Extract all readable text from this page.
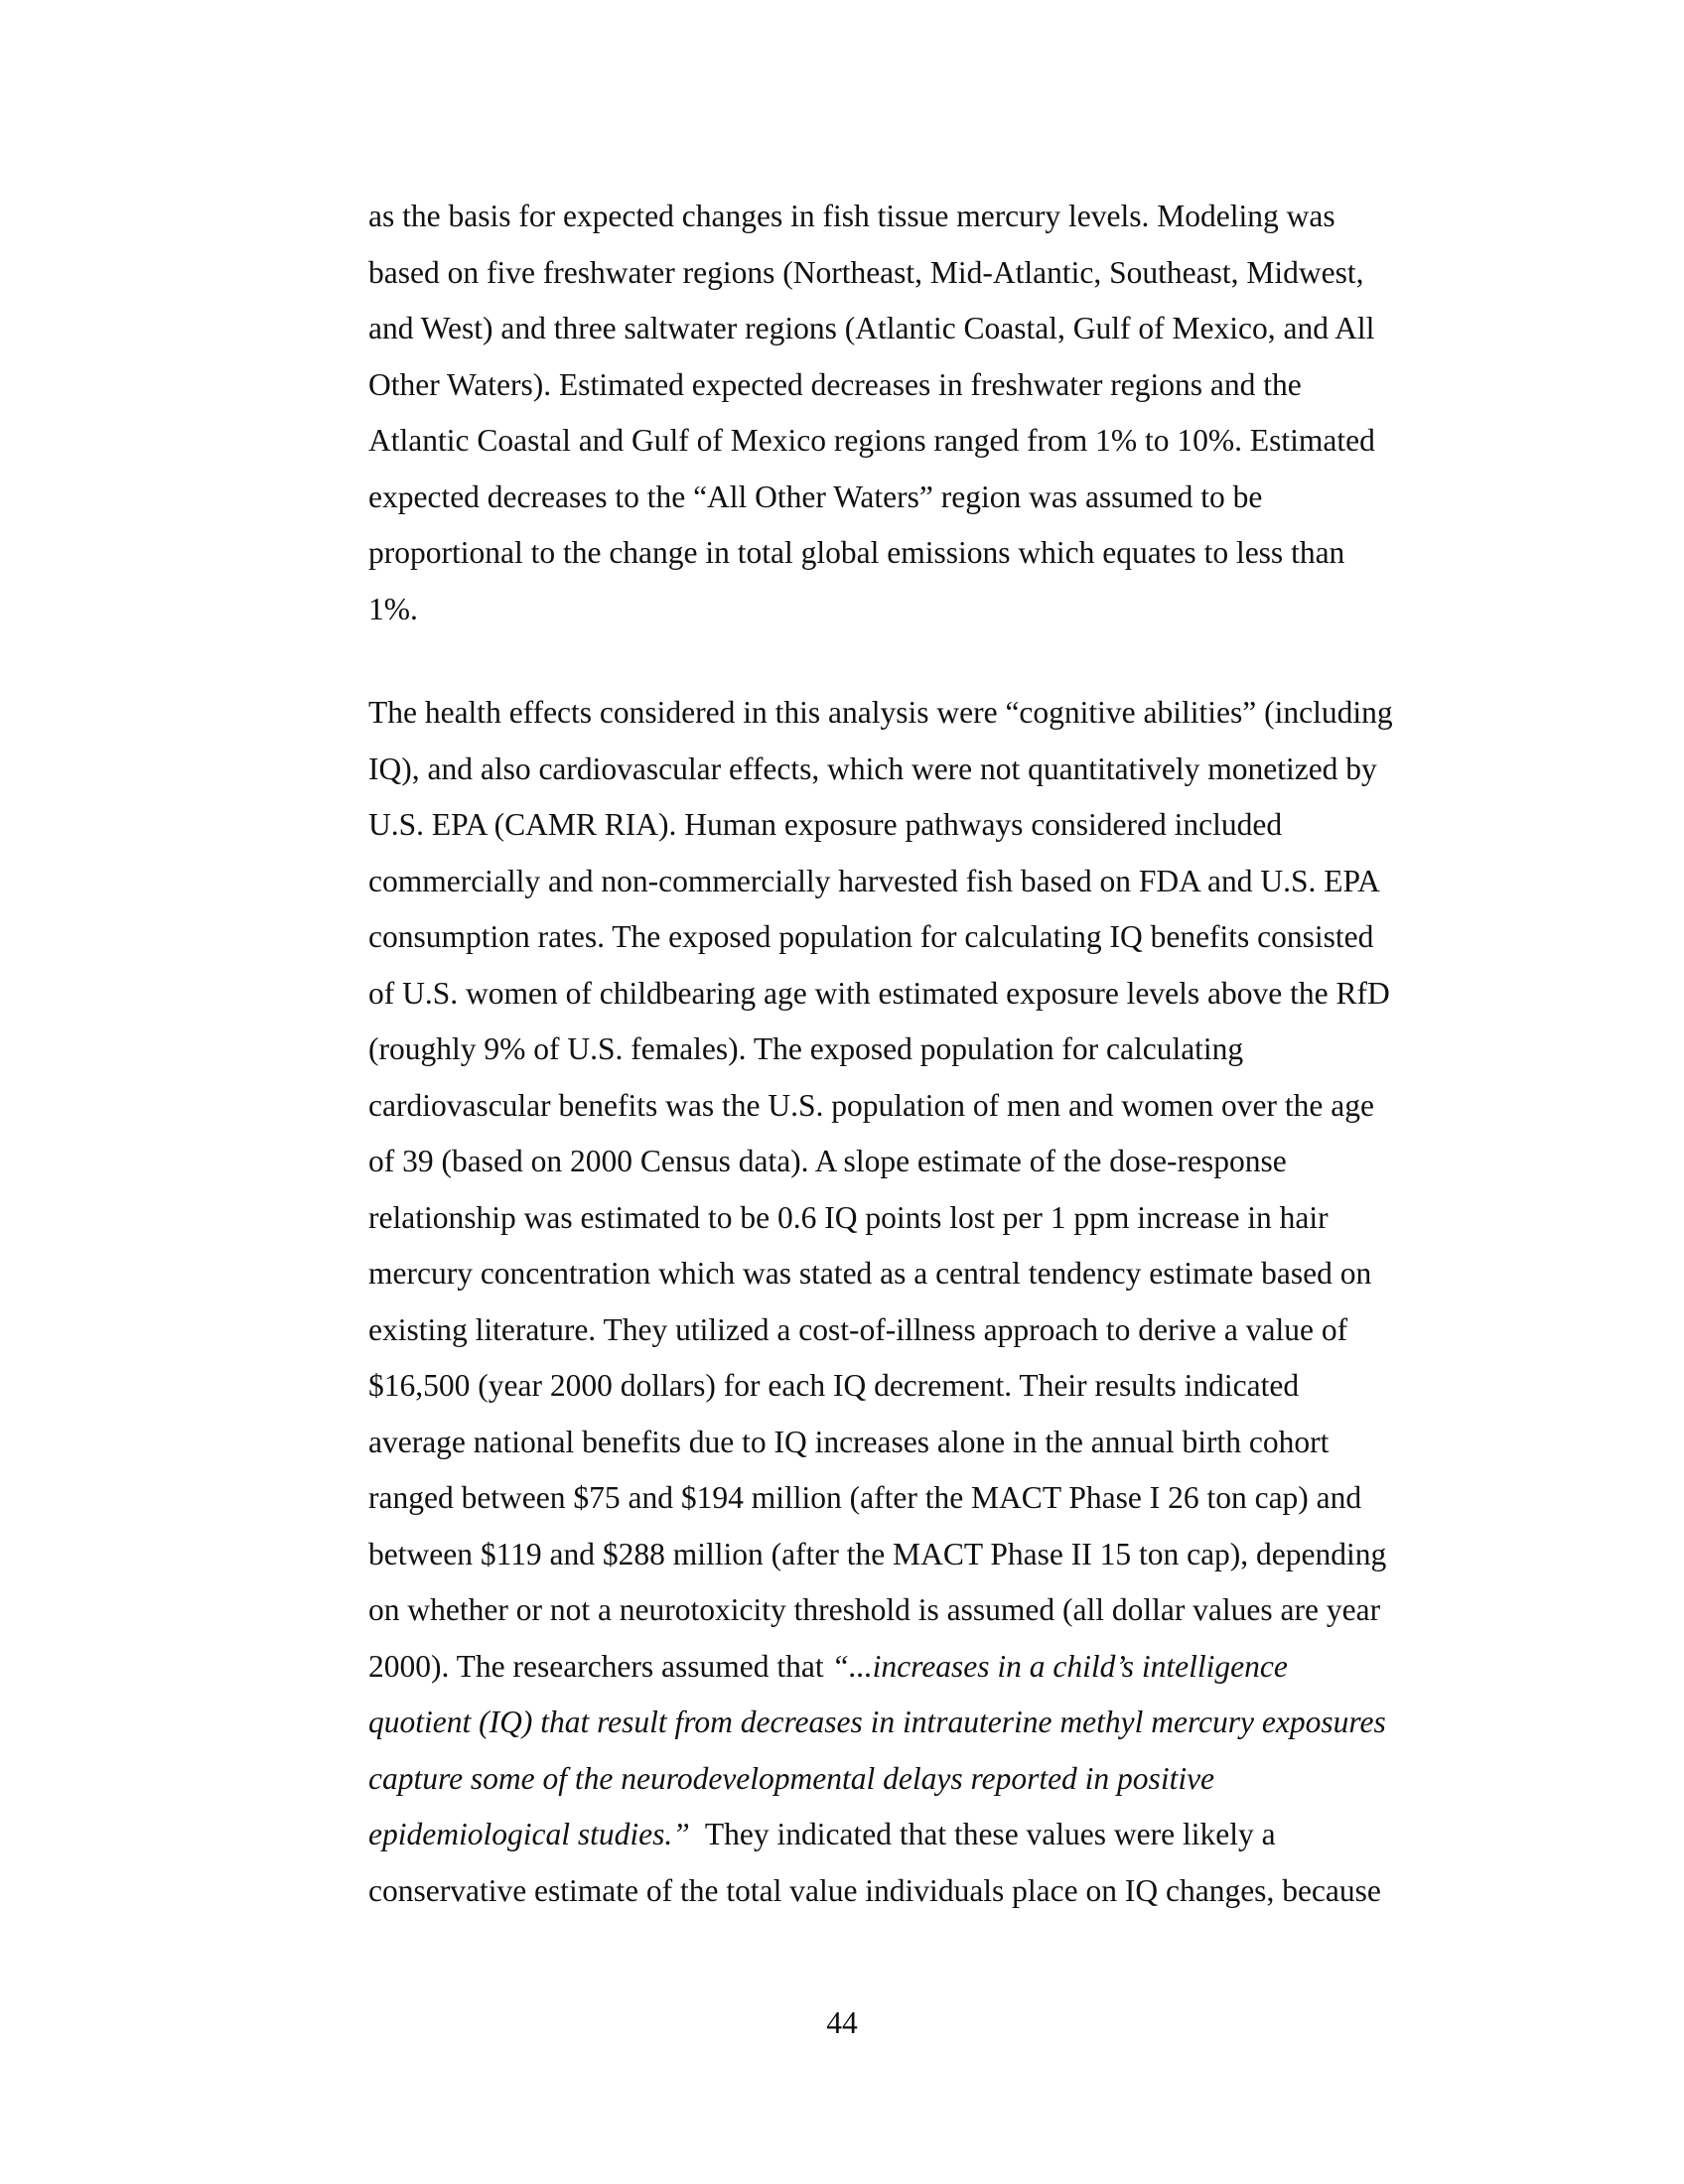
as the basis for expected changes in fish tissue mercury levels. Modeling was
based on five freshwater regions (Northeast, Mid-Atlantic, Southeast, Midwest,
and West) and three saltwater regions (Atlantic Coastal, Gulf of Mexico, and All
Other Waters). Estimated expected decreases in freshwater regions and the
Atlantic Coastal and Gulf of Mexico regions ranged from 1% to 10%. Estimated
expected decreases to the “All Other Waters” region was assumed to be
proportional to the change in total global emissions which equates to less than
1%.
The health effects considered in this analysis were “cognitive abilities” (including
IQ), and also cardiovascular effects, which were not quantitatively monetized by
U.S. EPA (CAMR RIA). Human exposure pathways considered included
commercially and non-commercially harvested fish based on FDA and U.S. EPA
consumption rates. The exposed population for calculating IQ benefits consisted
of U.S. women of childbearing age with estimated exposure levels above the RfD
(roughly 9% of U.S. females). The exposed population for calculating
cardiovascular benefits was the U.S. population of men and women over the age
of 39 (based on 2000 Census data). A slope estimate of the dose-response
relationship was estimated to be 0.6 IQ points lost per 1 ppm increase in hair
mercury concentration which was stated as a central tendency estimate based on
existing literature. They utilized a cost-of-illness approach to derive a value of
$16,500 (year 2000 dollars) for each IQ decrement. Their results indicated
average national benefits due to IQ increases alone in the annual birth cohort
ranged between $75 and $194 million (after the MACT Phase I 26 ton cap) and
between $119 and $288 million (after the MACT Phase II 15 ton cap), depending
on whether or not a neurotoxicity threshold is assumed (all dollar values are year
2000). The researchers assumed that “...increases in a child’s intelligence
quotient (IQ) that result from decreases in intrauterine methyl mercury exposures
capture some of the neurodevelopmental delays reported in positive
epidemiological studies.”  They indicated that these values were likely a
conservative estimate of the total value individuals place on IQ changes, because
44
